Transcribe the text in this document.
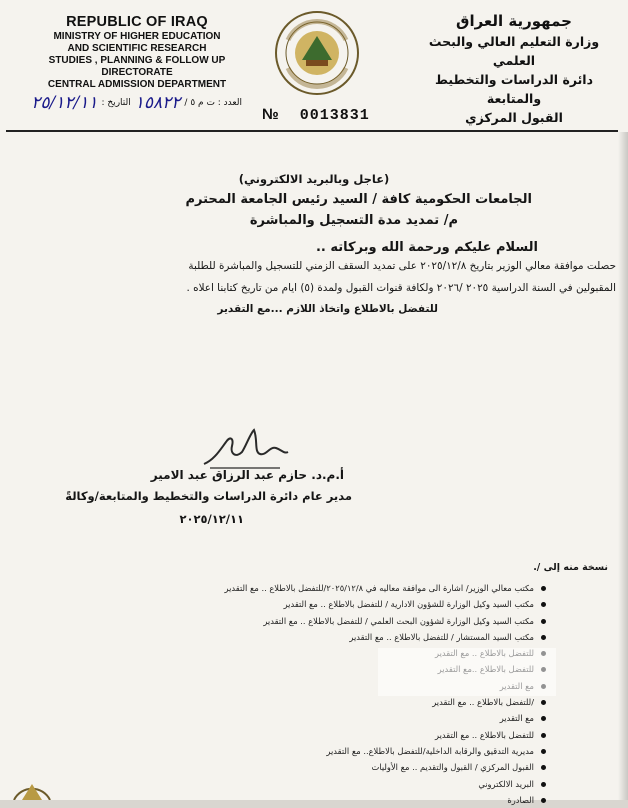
REPUBLIC OF IRAQ
MINISTRY OF HIGHER EDUCATION
AND SCIENTIFIC RESEARCH
STUDIES , PLANNING & FOLLOW UP DIRECTORATE
CENTRAL ADMISSION DEPARTMENT
جمهورية العراق
وزارة التعليم العالي والبحث العلمي
دائرة الدراسات والتخطيط والمتابعة
القبول المركزي
العدد : ت م ٥ /
١٥٨٢٢
التاريخ :
٢٥/١٢/١١
№ 0013831
(عاجل وبالبريد الالكتروني)
الجامعات الحكومية كافة / السيد رئيس الجامعة المحترم
م/ تمديد مدة التسجيل والمباشرة
السلام عليكم ورحمة الله وبركاته ..
حصلت موافقة معالي الوزير بتاريخ ٢٠٢٥/١٢/٨ على تمديد السقف الزمني للتسجيل والمباشرة للطلبة
المقبولين في السنة الدراسية ٢٠٢٥ /٢٠٢٦ ولكافة قنوات القبول ولمدة (٥) ايام من تاريخ كتابنا اعلاه .
للتفضل بالاطلاع واتخاذ اللازم ...مع التقدير
أ.م.د. حازم عبد الرزاق عبد الامير
مدير عام دائرة الدراسات والتخطيط والمتابعة/وكالةً
٢٠٢٥/١٢/١١
نسخة منه إلى /.
مكتب معالي الوزير/ اشارة الى موافقة معاليه في ٢٠٢٥/١٢/٨/للتفضل بالاطلاع .. مع التقدير
مكتب السيد وكيل الوزارة للشؤون الادارية / للتفضل بالاطلاع .. مع التقدير
مكتب السيد وكيل الوزارة لشؤون البحث العلمي / للتفضل بالاطلاع .. مع التقدير
مكتب السيد المستشار / للتفضل بالاطلاع .. مع التقدير
/للتفضل بالاطلاع .. مع التقدير
مع التقدير
للتفضل بالاطلاع .. مع التقدير
مديرية التدقيق والرقابة الداخلية/للتفضل بالاطلاع.. مع التقدير
القبول المركزي / القبول والتقديم .. مع الأوليات
البريد الالكتروني
الصادرة
